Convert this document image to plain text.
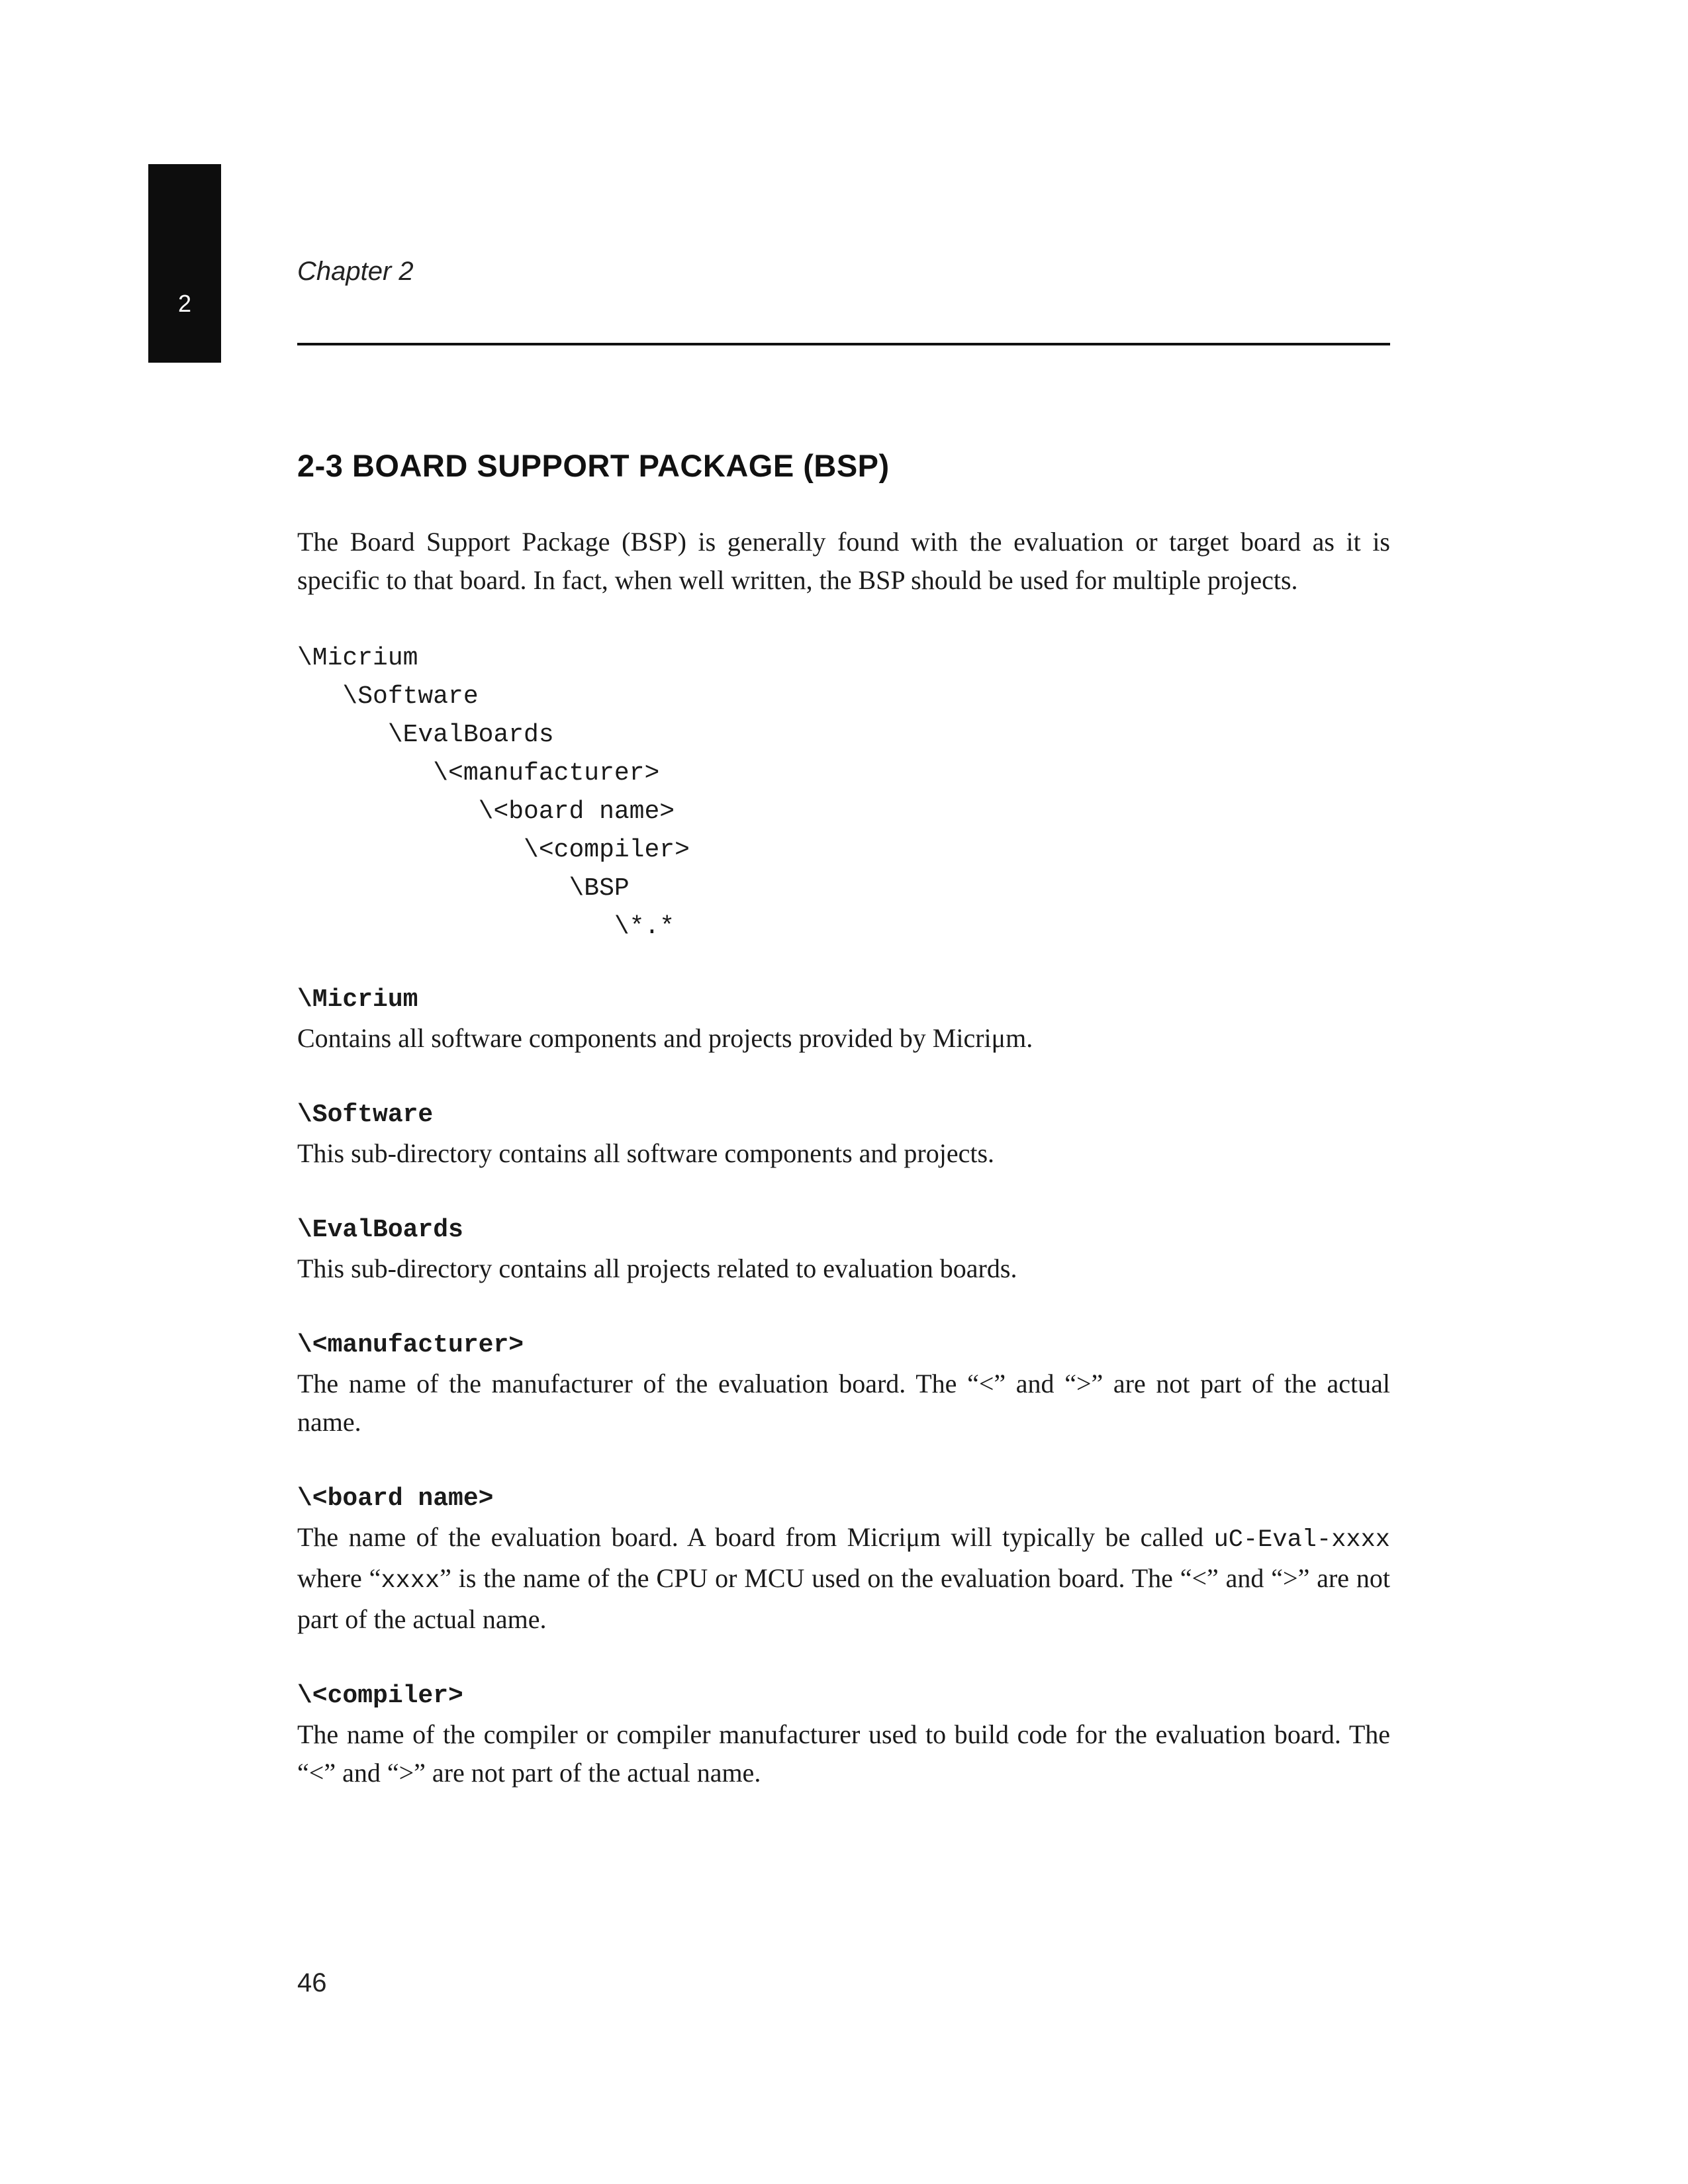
2
Chapter 2
2-3 BOARD SUPPORT PACKAGE (BSP)

The Board Support Package (BSP) is generally found with the evaluation or target board as it is specific to that board. In fact, when well written, the BSP should be used for multiple projects.

\Micrium
\Software
\EvalBoards
\<manufacturer>
\<board name>
\<compiler>
\BSP
\*.*
\Micrium

Contains all software components and projects provided by Micriμm.

\Software

This sub-directory contains all software components and projects.

\EvalBoards

This sub-directory contains all projects related to evaluation boards.

\<manufacturer>

The name of the manufacturer of the evaluation board. The “<” and “>” are not part of the actual name.

\<board name>

The name of the evaluation board. A board from Micriμm will typically be called uC-Eval-xxxx where “xxxx” is the name of the CPU or MCU used on the evaluation board. The “<” and “>” are not part of the actual name.

\<compiler>

The name of the compiler or compiler manufacturer used to build code for the evaluation board. The “<” and “>” are not part of the actual name.

46
